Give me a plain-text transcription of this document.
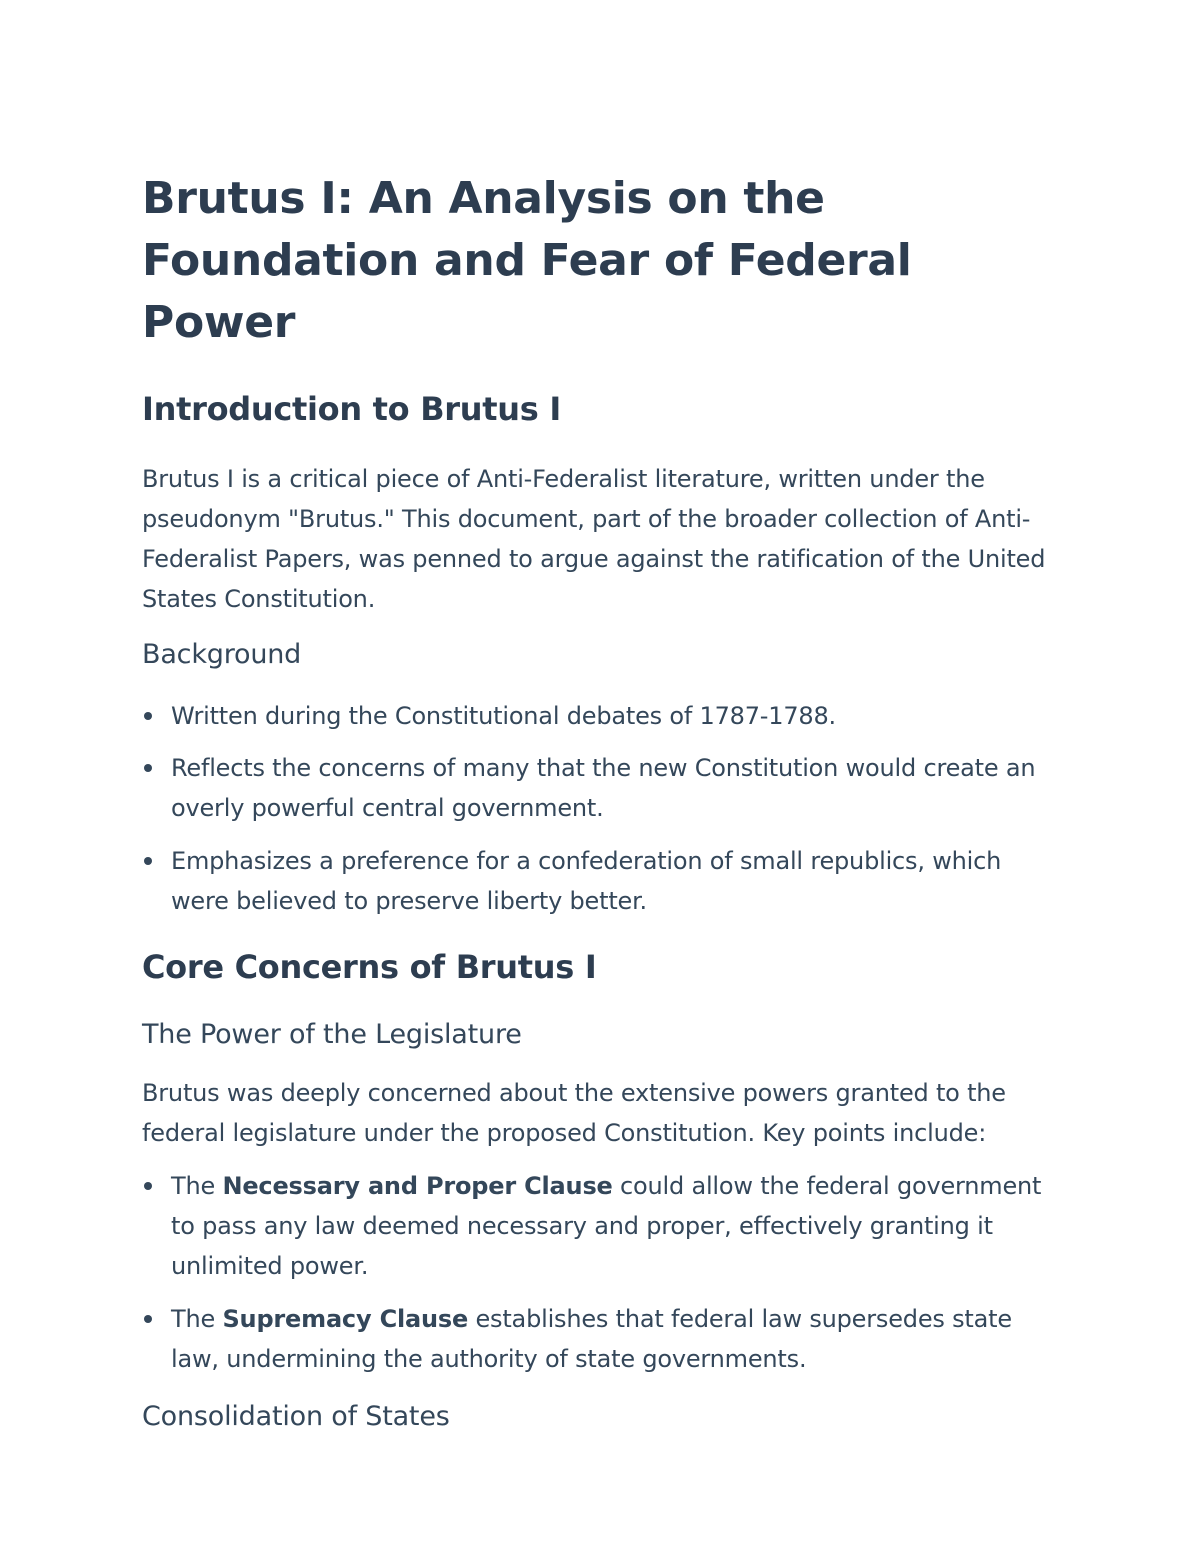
Brutus I: An Analysis on the Foundation and Fear of Federal Power
Introduction to Brutus I

Brutus I is a critical piece of Anti-Federalist literature, written under the pseudonym "Brutus." This document, part of the broader collection of Anti-Federalist Papers, was penned to argue against the ratification of the United States Constitution.

Background
Written during the Constitutional debates of 1787-1788.
Reflects the concerns of many that the new Constitution would create an overly powerful central government.
Emphasizes a preference for a confederation of small republics, which were believed to preserve liberty better.
Core Concerns of Brutus I
The Power of the Legislature

Brutus was deeply concerned about the extensive powers granted to the federal legislature under the proposed Constitution. Key points include:

The Necessary and Proper Clause could allow the federal government to pass any law deemed necessary and proper, effectively granting it unlimited power.
The Supremacy Clause establishes that federal law supersedes state law, undermining the authority of state governments.
Consolidation of States
